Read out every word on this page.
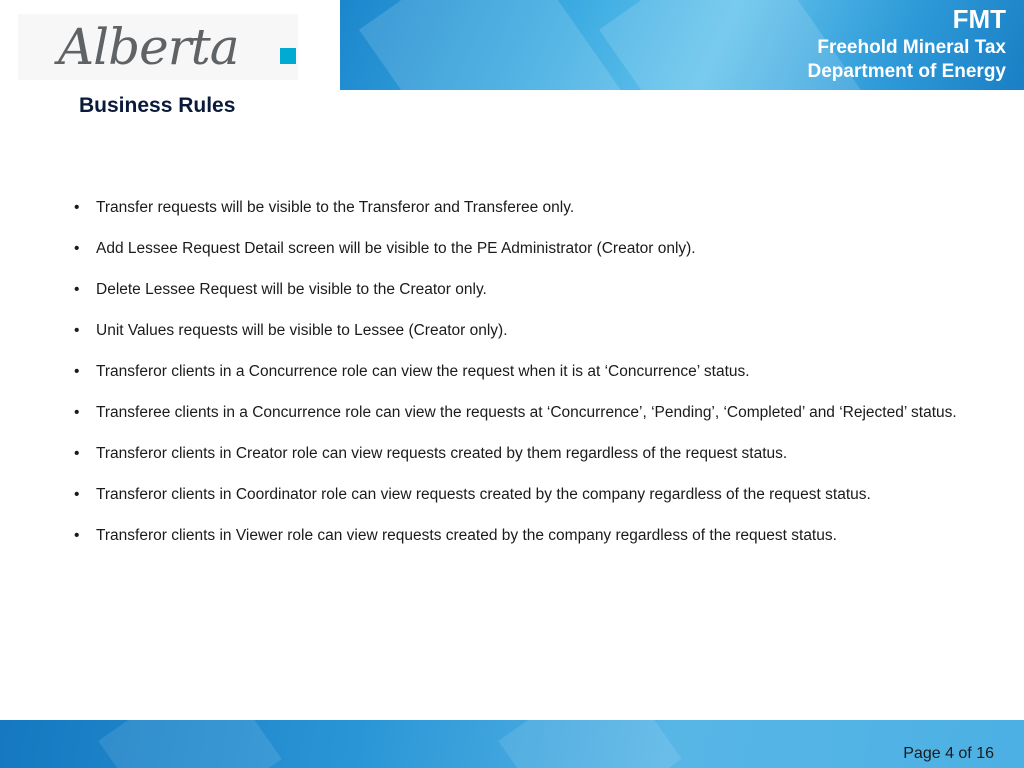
Alberta	FMT
Freehold Mineral Tax
Department of Energy
Business Rules
• Transfer requests will be visible to the Transferor and Transferee only.
• Add Lessee Request Detail screen will be visible to the PE Administrator (Creator only).
• Delete Lessee Request will be visible to the Creator only.
• Unit Values requests will be visible to Lessee (Creator only).
• Transferor clients in a Concurrence role can view the request when it is at ‘Concurrence’ status.
• Transferee clients in a Concurrence role can view the requests at ‘Concurrence’, ‘Pending’, ‘Completed’ and ‘Rejected’ status.
• Transferor clients in Creator role can view requests created by them regardless of the request status.
• Transferor clients in Coordinator role can view requests created by the company regardless of the request status.
• Transferor clients in Viewer role can view requests created by the company regardless of the request status.
Page 4 of 16
